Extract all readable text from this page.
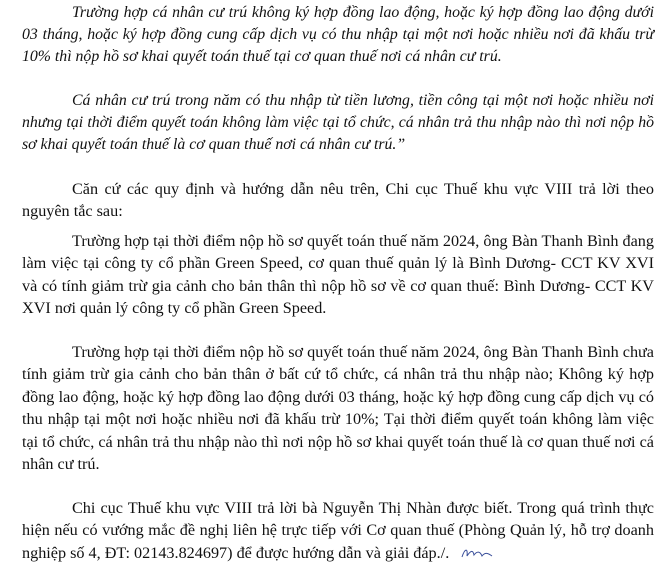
Trường hợp cá nhân cư trú không ký hợp đồng lao động, hoặc ký hợp đồng lao động dưới 03 tháng, hoặc ký hợp đồng cung cấp dịch vụ có thu nhập tại một nơi hoặc nhiều nơi đã khấu trừ 10% thì nộp hồ sơ khai quyết toán thuế tại cơ quan thuế nơi cá nhân cư trú.

Cá nhân cư trú trong năm có thu nhập từ tiền lương, tiền công tại một nơi hoặc nhiều nơi nhưng tại thời điểm quyết toán không làm việc tại tổ chức, cá nhân trả thu nhập nào thì nơi nộp hồ sơ khai quyết toán thuế là cơ quan thuế nơi cá nhân cư trú.”

Căn cứ các quy định và hướng dẫn nêu trên, Chi cục Thuế khu vực VIII trả lời theo nguyên tắc sau:

Trường hợp tại thời điểm nộp hồ sơ quyết toán thuế năm 2024, ông Bàn Thanh Bình đang làm việc tại công ty cổ phần Green Speed, cơ quan thuế quản lý là Bình Dương- CCT KV XVI và có tính giảm trừ gia cảnh cho bản thân thì nộp hồ sơ về cơ quan thuế: Bình Dương- CCT KV XVI nơi quản lý công ty cổ phần Green Speed.

Trường hợp tại thời điểm nộp hồ sơ quyết toán thuế năm 2024, ông Bàn Thanh Bình chưa tính giảm trừ gia cảnh cho bản thân ở bất cứ tổ chức, cá nhân trả thu nhập nào; Không ký hợp đồng lao động, hoặc ký hợp đồng lao động dưới 03 tháng, hoặc ký hợp đồng cung cấp dịch vụ có thu nhập tại một nơi hoặc nhiều nơi đã khấu trừ 10%; Tại thời điểm quyết toán không làm việc tại tổ chức, cá nhân trả thu nhập nào thì nơi nộp hồ sơ khai quyết toán thuế là cơ quan thuế nơi cá nhân cư trú.

Chi cục Thuế khu vực VIII trả lời bà Nguyễn Thị Nhàn được biết. Trong quá trình thực hiện nếu có vướng mắc đề nghị liên hệ trực tiếp với Cơ quan thuế (Phòng Quản lý, hỗ trợ doanh nghiệp số 4, ĐT: 02143.824697) để được hướng dẫn và giải đáp./.
